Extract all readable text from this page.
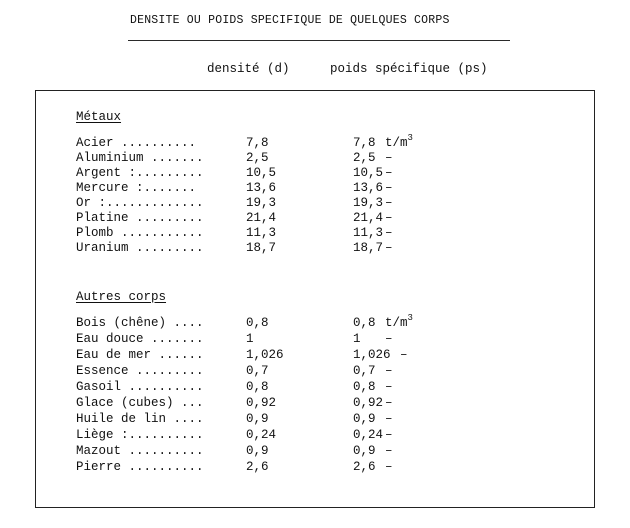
DENSITE OU POIDS SPECIFIQUE DE QUELQUES CORPS
densité (d)	poids spécifique (ps)
Métaux
Acier ..........	7,8	7,8 $t/m^3$
Aluminium .......	2,5	2,5 –
Argent :.........	10,5	10,5 –
Mercure :.......	13,6	13,6 –
Or :.............	19,3	19,3 –
Platine .........	21,4	21,4 –
Plomb ...........	11,3	11,3 –
Uranium .........	18,7	18,7 –
Autres corps
Bois (chêne) ....	0,8	0,8 $t/m^3$
Eau douce .......	1	1 –
Eau de mer ......	1,026	1,026 –
Essence .........	0,7	0,7 –
Gasoil ..........	0,8	0,8 –
Glace (cubes) ...	0,92	0,92 –
Huile de lin ....	0,9	0,9 –
Liège :..........	0,24	0,24 –
Mazout ..........	0,9	0,9 –
Pierre ..........	2,6	2,6 –
